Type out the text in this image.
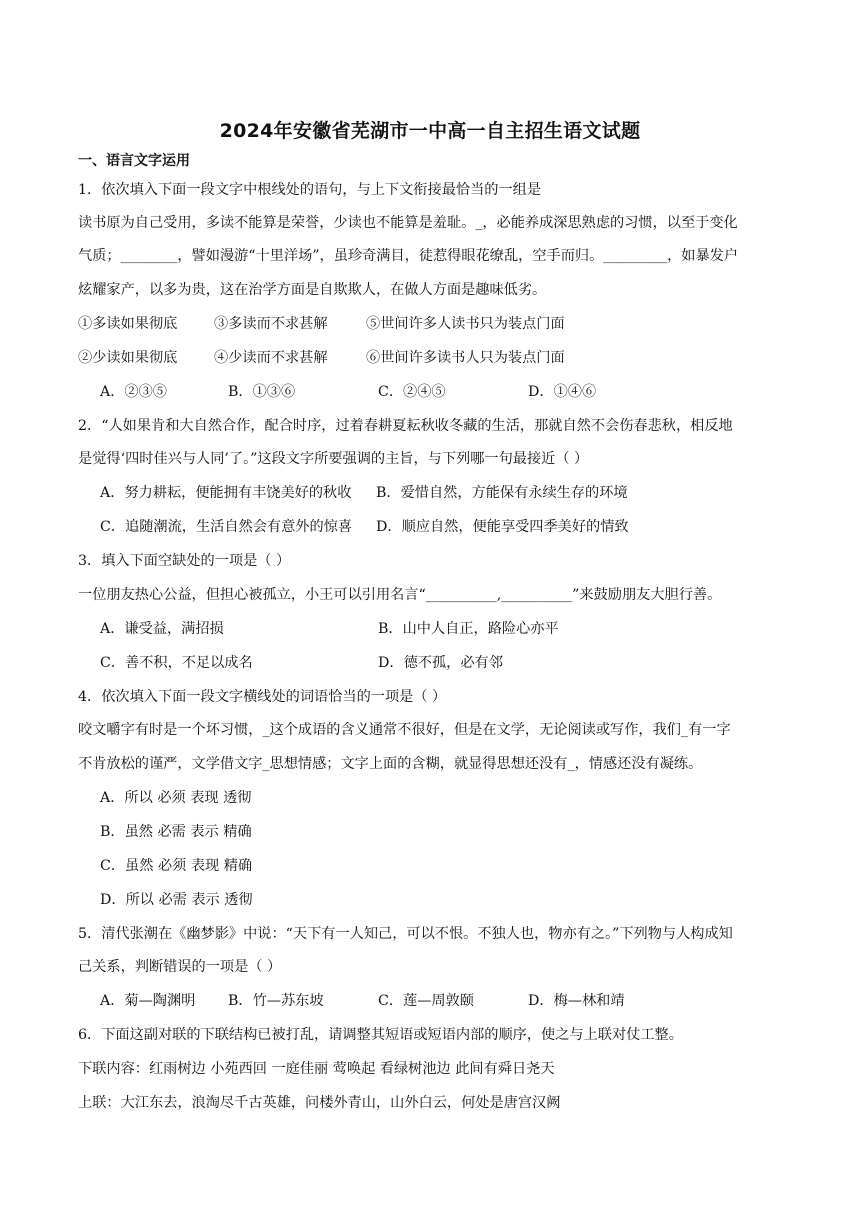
2024年安徽省芜湖市一中高一自主招生语文试题
一、语言文字运用
1．依次填入下面一段文字中根线处的语句，与上下文衔接最恰当的一组是
读书原为自己受用，多读不能算是荣誉，少读也不能算是羞耻。_，必能养成深思熟虑的习惯，以至于变化
气质；________，譬如漫游“十里洋场”，虽珍奇满目，徒惹得眼花缭乱，空手而归。_________，如暴发户
炫耀家产，以多为贵，这在治学方面是自欺欺人，在做人方面是趣味低劣。
①多读如果彻底	③多读而不求甚解	⑤世间许多人读书只为装点门面
②少读如果彻底	④少读而不求甚解	⑥世间许多读书人只为装点门面
A．②③⑤	B．①③⑥	C．②④⑤	D．①④⑥
2．“人如果肯和大自然合作，配合时序，过着春耕夏耘秋收冬藏的生活，那就自然不会伤春悲秋，相反地
是觉得‘四时佳兴与人同’了。”这段文字所要强调的主旨，与下列哪一句最接近（ ）
A．努力耕耘，便能拥有丰饶美好的秋收 B．爱惜自然，方能保有永续生存的环境
C．追随潮流，生活自然会有意外的惊喜 D．顺应自然，便能享受四季美好的情致
3．填入下面空缺处的一项是（ ）
一位朋友热心公益，但担心被孤立，小王可以引用名言“__________,__________”来鼓励朋友大胆行善。
A．谦受益，满招损	B．山中人自正，路险心亦平
C．善不积，不足以成名	D．德不孤，必有邻
4．依次填入下面一段文字横线处的词语恰当的一项是（ ）
咬文嚼字有时是一个坏习惯，_这个成语的含义通常不很好，但是在文学，无论阅读或写作，我们_有一字
不肯放松的谨严，文学借文字_思想情感；文字上面的含糊，就显得思想还没有_，情感还没有凝练。
A．所以 必须 表现 透彻
B．虽然 必需 表示 精确
C．虽然 必须 表现 精确
D．所以 必需 表示 透彻
5．清代张潮在《幽梦影》中说：“天下有一人知己，可以不恨。不独人也，物亦有之。”下列物与人构成知
己关系，判断错误的一项是（ ）
A．菊—陶渊明 B．竹—苏东坡	C．莲—周敦颐	D．梅—林和靖
6．下面这副对联的下联结构已被打乱，请调整其短语或短语内部的顺序，使之与上联对仗工整。
下联内容：红雨树边 小苑西回 一庭佳丽 莺唤起 看绿树池边 此间有舜日尧天
上联：大江东去，浪淘尽千古英雄，问楼外青山，山外白云，何处是唐宫汉阙
